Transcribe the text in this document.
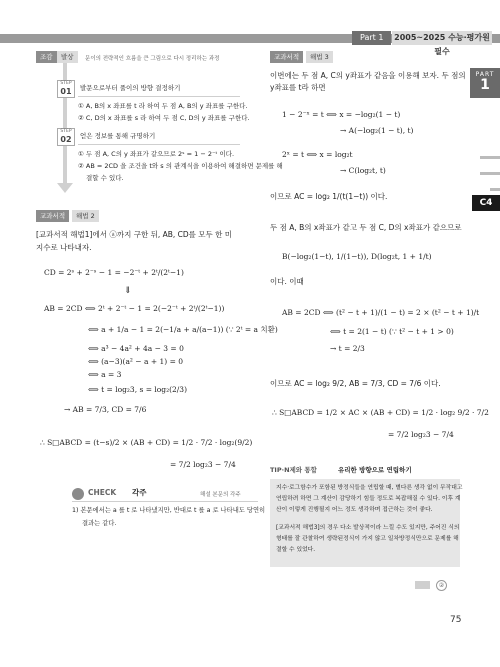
Part 1	2005~2025 수능·평가원 필수
PART
1
C4
조감	발상	문이의 전략적인 흐름을 큰 그림으로 다시 정리하는 과정
STEP
01	발문으로부터 풀이의 방향 결정하기
① A, B의 x 좌표를 t 라 하여 두 점 A, B의 y 좌표를 구한다.
② C, D의 x 좌표를 s 라 하여 두 점 C, D의 y 좌표를 구한다.
STEP
02	얻은 정보를 통해 규명하기
① 두 점 A, C의 y 좌표가 같으므로 2ˢ = 1 − 2⁻ᵗ 이다.
② AB = 2CD 을 조건을 t와 s 의 관계식을 이용하여 해결하면 문제를 해
결할 수 있다.
교과서적	해법 2
[교과서적 해법1]에서 ⓐ까지 구한 뒤, AB, CD를 모두 한 미
지수로 나타내자.
CD = 2ˢ + 2⁻ˢ − 1 = −2⁻ᵗ + 2ᵗ/(2ᵗ−1)
⇓
AB = 2CD ⟺ 2ᵗ + 2⁻ᵗ − 1 = 2(−2⁻ᵗ + 2ᵗ/(2ᵗ−1))
⟺ a + 1/a − 1 = 2(−1/a + a/(a−1)) (∵ 2ᵗ = a 치환)
⟺ a³ − 4a² + 4a − 3 = 0
⟺ (a−3)(a² − a + 1) = 0
⟺ a = 3
⟺ t = log₂3, s = log₂(2/3)
→ AB = 7/3, CD = 7/6
∴ S□ABCD = (t−s)/2 × (AB + CD) = 1/2 · 7/2 · log₂(9/2)
= 7/2 log₂3 − 7/4
CHECK 각주	해설 본문의 각주
1) 본문에서는 a 를 t 로 나타냈지만, 반대로 t 를 a 로 나타내도 당연히
결과는 같다.
교과서적	해법 3
이번에는 두 점 A, C의 y좌표가 같음을 이용해 보자. 두 점의
y좌표를 t라 하면
1 − 2⁻ˣ = t ⟺ x = −log₂(1 − t)
→ A(−log₂(1 − t), t)
2ˣ = t ⟺ x = log₂t
→ C(log₂t, t)
이므로 AC = log₂ 1/(t(1−t)) 이다.
두 점 A, B의 x좌표가 같고 두 점 C, D의 x좌표가 같으므로
B(−log₂(1−t), 1/(1−t)), D(log₂t, 1 + 1/t)
이다. 이때
AB = 2CD ⟺ (t² − t + 1)/(1 − t) = 2 × (t² − t + 1)/t
⟺ t = 2(1 − t) (∵ t² − t + 1 > 0)
→ t = 2/3
이므로 AC = log₂ 9/2, AB = 7/3, CD = 7/6 이다.
∴ S□ABCD = 1/2 × AC × (AB + CD) = 1/2 · log₂ 9/2 · 7/2
= 7/2 log₂3 − 7/4
TIP·N제와 통합	유리한 방향으로 연립하기
지수·로그함수가 포함된 방정식들을 연립할 때, 별다른 생각 없이 무작대고
연립하려 하면 그 계산이 감당하기 힘들 정도로 복잡해질 수 있다. 이후 계
산이 이렇게 진행될지 어느 정도 생각하며 접근하는 것이 좋다.
[교과서적 해법3]의 경우 다소 발상적이라 느낄 수도 있지만, 주어진 식의
형태를 잘 관찰하여 생략된정식이 가지 않고 일차방정식만으로 문제를 해
결할 수 있었다.
②
75
